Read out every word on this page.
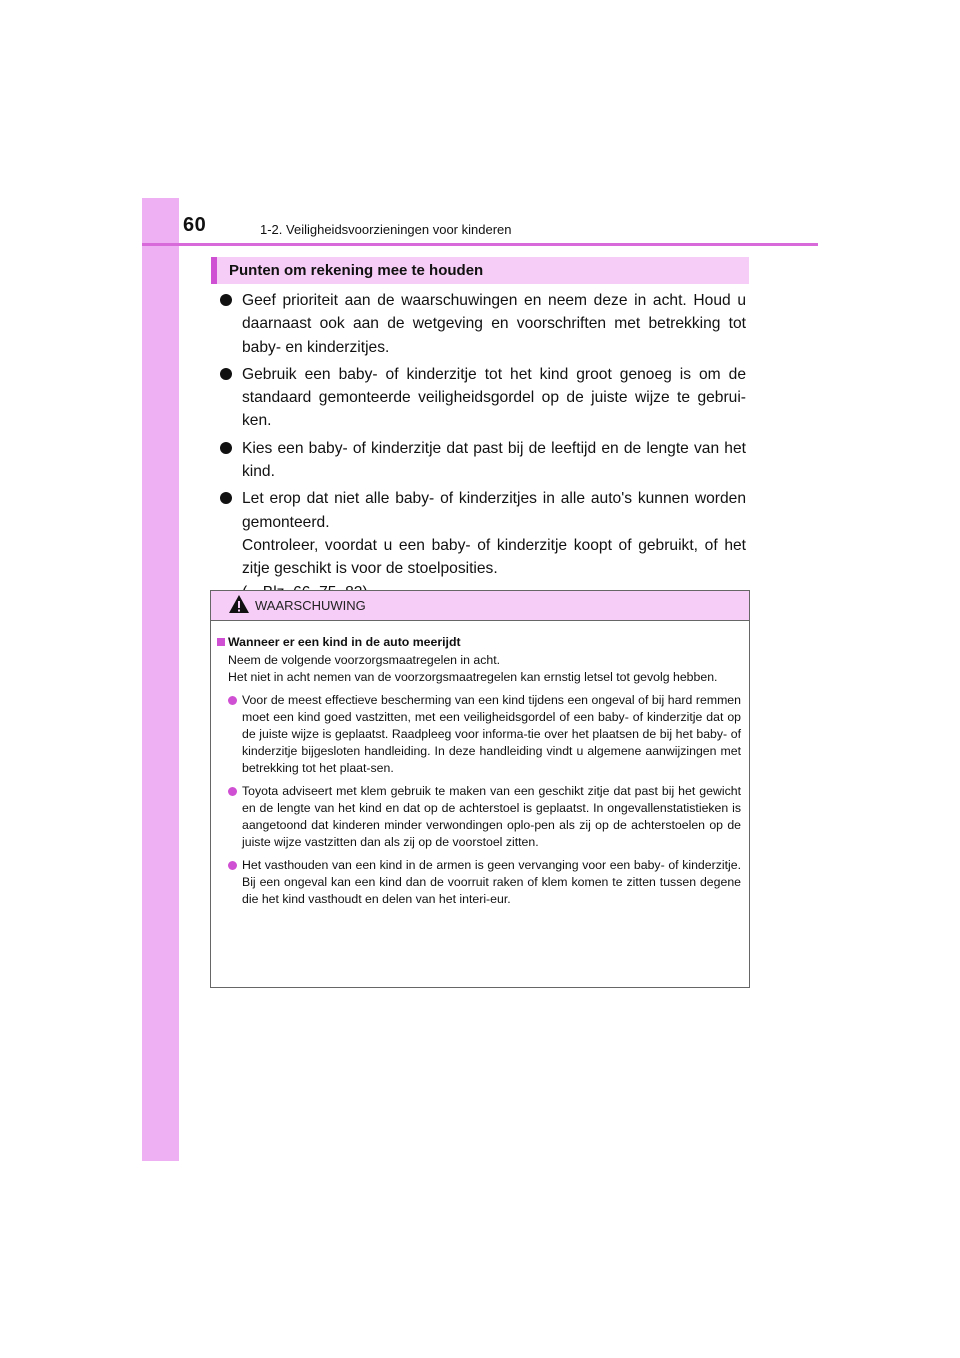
60	1-2. Veiligheidsvoorzieningen voor kinderen
Punten om rekening mee te houden
Geef prioriteit aan de waarschuwingen en neem deze in acht. Houd u daarnaast ook aan de wetgeving en voorschriften met betrekking tot baby- en kinderzitjes.
Gebruik een baby- of kinderzitje tot het kind groot genoeg is om de standaard gemonteerde veiligheidsgordel op de juiste wijze te gebrui-ken.
Kies een baby- of kinderzitje dat past bij de leeftijd en de lengte van het kind.
Let erop dat niet alle baby- of kinderzitjes in alle auto's kunnen worden gemonteerd.
Controleer, voordat u een baby- of kinderzitje koopt of gebruikt, of het zitje geschikt is voor de stoelposities.
WAARSCHUWING
Wanneer er een kind in de auto meerijdt
Neem de volgende voorzorgsmaatregelen in acht.
Het niet in acht nemen van de voorzorgsmaatregelen kan ernstig letsel tot gevolg hebben.
Voor de meest effectieve bescherming van een kind tijdens een ongeval of bij hard remmen moet een kind goed vastzitten, met een veiligheidsgordel of een baby- of kinderzitje dat op de juiste wijze is geplaatst. Raadpleeg voor informa-tie over het plaatsen de bij het baby- of kinderzitje bijgesloten handleiding. In deze handleiding vindt u algemene aanwijzingen met betrekking tot het plaat-sen.
Toyota adviseert met klem gebruik te maken van een geschikt zitje dat past bij het gewicht en de lengte van het kind en dat op de achterstoel is geplaatst. In ongevallenstatistieken is aangetoond dat kinderen minder verwondingen oplo-pen als zij op de achterstoelen op de juiste wijze vastzitten dan als zij op de voorstoel zitten.
Het vasthouden van een kind in de armen is geen vervanging voor een baby- of kinderzitje. Bij een ongeval kan een kind dan de voorruit raken of klem komen te zitten tussen degene die het kind vasthoudt en delen van het interi-eur.
